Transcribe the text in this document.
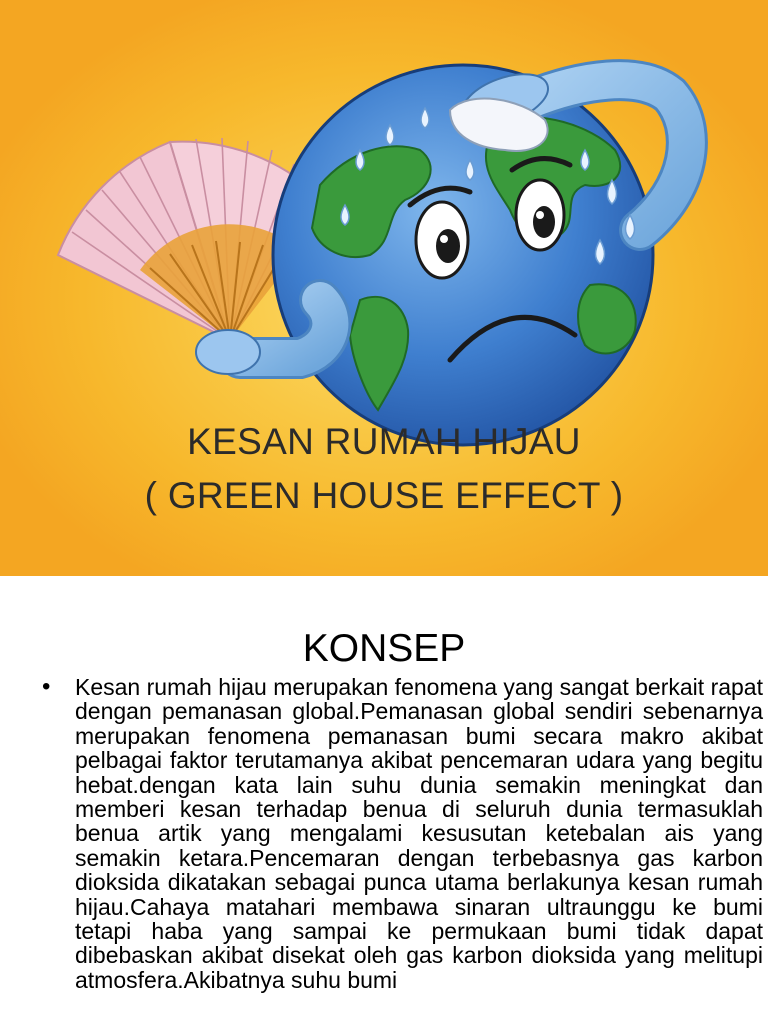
KESAN RUMAH HIJAU
( GREEN HOUSE EFFECT )
KONSEP
• Kesan rumah hijau merupakan fenomena yang sangat berkait rapat dengan pemanasan global.Pemanasan global sendiri sebenarnya merupakan fenomena pemanasan bumi secara makro akibat pelbagai faktor terutamanya akibat pencemaran udara yang begitu hebat.dengan kata lain suhu dunia semakin meningkat dan memberi kesan terhadap benua di seluruh dunia termasuklah benua artik yang mengalami kesusutan ketebalan ais yang semakin ketara.Pencemaran dengan terbebasnya gas karbon dioksida dikatakan sebagai punca utama berlakunya kesan rumah hijau.Cahaya matahari membawa sinaran ultraunggu ke bumi tetapi haba yang sampai ke permukaan bumi tidak dapat dibebaskan akibat disekat oleh gas karbon dioksida yang melitupi atmosfera.Akibatnya suhu bumi
